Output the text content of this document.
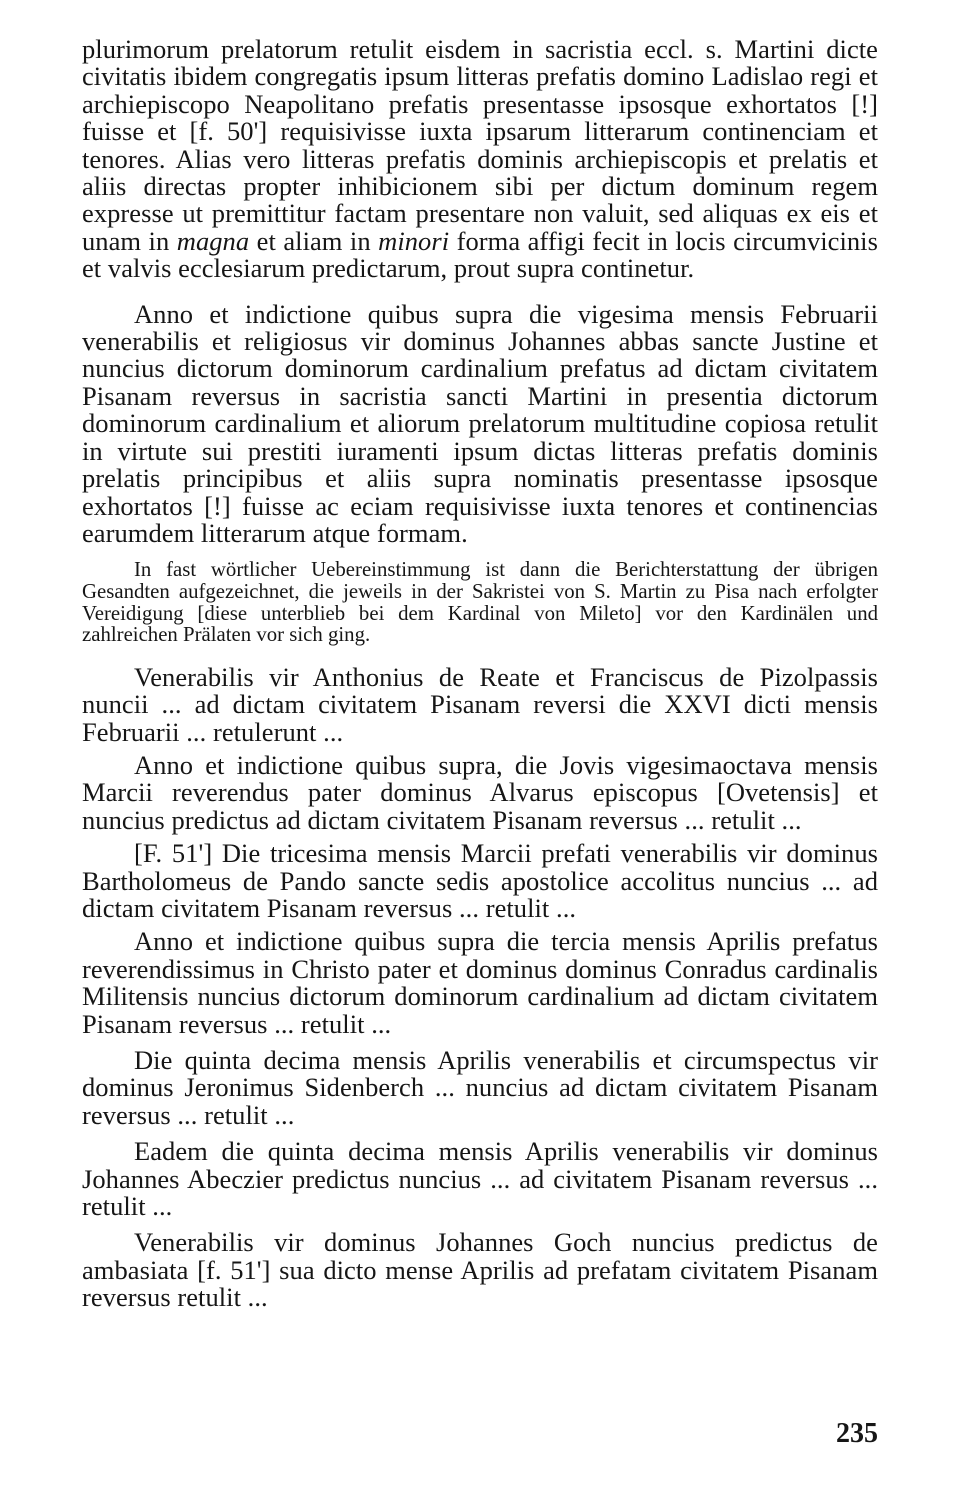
plurimorum prelatorum retulit eisdem in sacristia eccl. s. Martini dicte civitatis ibidem congregatis ipsum litteras prefatis domino Ladislao regi et archiepiscopo Neapolitano prefatis presentasse ipsosque exhortatos [!] fuisse et [f. 50'] requisivisse iuxta ipsarum litterarum continenciam et tenores. Alias vero litteras prefatis dominis archiepiscopis et prelatis et aliis directas propter inhibicionem sibi per dictum dominum regem expresse ut premittitur factam presentare non valuit, sed aliquas ex eis et unam in magna et aliam in minori forma affigi fecit in locis circumvicinis et valvis ecclesiarum predictarum, prout supra continetur.

Anno et indictione quibus supra die vigesima mensis Februarii venerabilis et religiosus vir dominus Johannes abbas sancte Justine et nuncius dictorum dominorum cardinalium prefatus ad dictam civitatem Pisanam reversus in sacristia sancti Martini in presentia dictorum dominorum cardinalium et aliorum prelatorum multitudine copiosa retulit in virtute sui prestiti iuramenti ipsum dictas litteras prefatis dominis prelatis principibus et aliis supra nominatis presentasse ipsosque exhortatos [!] fuisse ac eciam requisivisse iuxta tenores et continencias earumdem litterarum atque formam.

In fast wörtlicher Uebereinstimmung ist dann die Berichterstattung der übrigen Gesandten aufgezeichnet, die jeweils in der Sakristei von S. Martin zu Pisa nach erfolgter Vereidigung [diese unterblieb bei dem Kardinal von Mileto] vor den Kardinälen und zahlreichen Prälaten vor sich ging.

Venerabilis vir Anthonius de Reate et Franciscus de Pizolpassis nuncii ... ad dictam civitatem Pisanam reversi die XXVI dicti mensis Februarii ... retulerunt ...

Anno et indictione quibus supra, die Jovis vigesimaoctava mensis Marcii reverendus pater dominus Alvarus episcopus [Ovetensis] et nuncius predictus ad dictam civitatem Pisanam reversus ... retulit ...

[F. 51'] Die tricesima mensis Marcii prefati venerabilis vir dominus Bartholomeus de Pando sancte sedis apostolice accolitus nuncius ... ad dictam civitatem Pisanam reversus ... retulit ...

Anno et indictione quibus supra die tercia mensis Aprilis prefatus reverendissimus in Christo pater et dominus dominus Conradus cardinalis Militensis nuncius dictorum dominorum cardinalium ad dictam civitatem Pisanam reversus ... retulit ...

Die quinta decima mensis Aprilis venerabilis et circumspectus vir dominus Jeronimus Sidenberch ... nuncius ad dictam civitatem Pisanam reversus ... retulit ...

Eadem die quinta decima mensis Aprilis venerabilis vir dominus Johannes Abeczier predictus nuncius ... ad civitatem Pisanam reversus ... retulit ...

Venerabilis vir dominus Johannes Goch nuncius predictus de ambasiata [f. 51'] sua dicto mense Aprilis ad prefatam civitatem Pisanam reversus retulit ...

235
